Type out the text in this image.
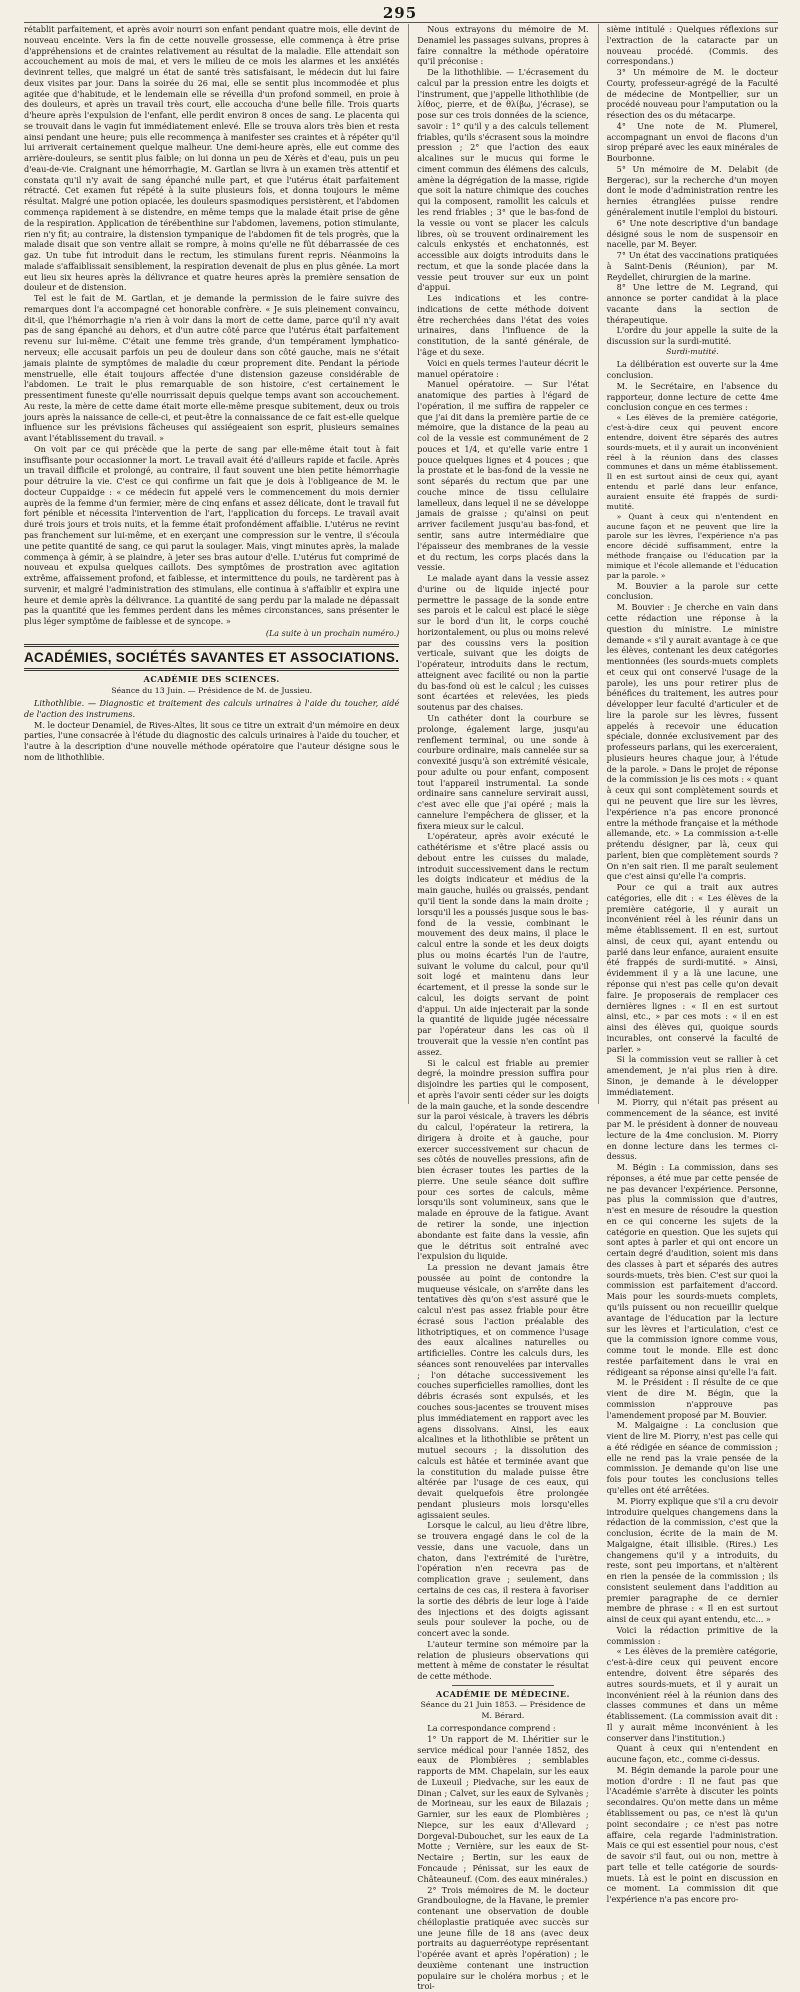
295

rétablit parfaitement, et après avoir nourri son enfant pendant quatre mois, elle devint de nouveau enceinte. Vers la fin de cette nouvelle grossesse, elle commença à être prise d'appréhensions et de craintes relativement au résultat de la maladie. Elle attendait son accouchement au mois de mai, et vers le milieu de ce mois les alarmes et les anxiétés devinrent telles, que malgré un état de santé très satisfaisant, le médecin dut lui faire deux visites par jour. Dans la soirée du 26 mai, elle se sentit plus incommodée et plus agitée que d'habitude, et le lendemain elle se réveilla d'un profond sommeil, en proie à des douleurs, et après un travail très court, elle accoucha d'une belle fille. Trois quarts d'heure après l'expulsion de l'enfant, elle perdit environ 8 onces de sang. Le placenta qui se trouvait dans le vagin fut immédiatement enlevé. Elle se trouva alors très bien et resta ainsi pendant une heure; puis elle recommença à manifester ses craintes et à répéter qu'il lui arriverait certainement quelque malheur. Une demi-heure après, elle eut comme des arrière-douleurs, se sentit plus faible; on lui donna un peu de Xérès et d'eau, puis un peu d'eau-de-vie. Craignant une hémorrhagie, M. Gartlan se livra à un examen très attentif et constata qu'il n'y avait de sang épanché nulle part, et que l'utérus était parfaitement rétracté. Cet examen fut répété à la suite plusieurs fois, et donna toujours le même résultat. Malgré une potion opiacée, les douleurs spasmodiques persistèrent, et l'abdomen commença rapidement à se distendre, en même temps que la malade était prise de gêne de la respiration. Application de térébenthine sur l'abdomen, lavemens, potion stimulante, rien n'y fit; au contraire, la distension tympanique de l'abdomen fit de tels progrès, que la malade disait que son ventre allait se rompre, à moins qu'elle ne fût débarrassée de ces gaz. Un tube fut introduit dans le rectum, les stimulans furent repris. Néanmoins la malade s'affaiblissait sensiblement, la respiration devenait de plus en plus gênée. La mort eut lieu six heures après la délivrance et quatre heures après la première sensation de douleur et de distension.

Tel est le fait de M. Gartlan, et je demande la permission de le faire suivre des remarques dont l'a accompagné cet honorable confrère. « Je suis pleinement convaincu, dit-il, que l'hémorrhagie n'a rien à voir dans la mort de cette dame, parce qu'il n'y avait pas de sang épanché au dehors, et d'un autre côté parce que l'utérus était parfaitement revenu sur lui-même. C'était une femme très grande, d'un tempérament lymphatico-nerveux; elle accusait parfois un peu de douleur dans son côté gauche, mais ne s'était jamais plainte de symptômes de maladie du cœur proprement dite. Pendant la période menstruelle, elle était toujours affectée d'une distension gazeuse considérable de l'abdomen. Le trait le plus remarquable de son histoire, c'est certainement le pressentiment funeste qu'elle nourrissait depuis quelque temps avant son accouchement. Au reste, la mère de cette dame était morte elle-même presque subitement, deux ou trois jours après la naissance de celle-ci, et peut-être la connaissance de ce fait est-elle quelque influence sur les prévisions fâcheuses qui assiégeaient son esprit, plusieurs semaines avant l'établissement du travail. »

On voit par ce qui précède que la perte de sang par elle-même était tout à fait insuffisante pour occasionner la mort. Le travail avait été d'ailleurs rapide et facile. Après un travail difficile et prolongé, au contraire, il faut souvent une bien petite hémorrhagie pour détruire la vie. C'est ce qui confirme un fait que je dois à l'obligeance de M. le docteur Cuppaidge : « ce médecin fut appelé vers le commencement du mois dernier auprès de la femme d'un fermier, mère de cinq enfans et assez délicate, dont le travail fut fort pénible et nécessita l'intervention de l'art, l'application du forceps. Le travail avait duré trois jours et trois nuits, et la femme était profondément affaiblie. L'utérus ne revint pas franchement sur lui-même, et en exerçant une compression sur le ventre, il s'écoula une petite quantité de sang, ce qui parut la soulager. Mais, vingt minutes après, la malade commença à gémir, à se plaindre, à jeter ses bras autour d'elle. L'utérus fut comprimé de nouveau et expulsa quelques caillots. Des symptômes de prostration avec agitation extrême, affaissement profond, et faiblesse, et intermittence du pouls, ne tardèrent pas à survenir, et malgré l'administration des stimulans, elle continua à s'affaiblir et expira une heure et demie après la délivrance. La quantité de sang perdu par la malade ne dépassait pas la quantité que les femmes perdent dans les mêmes circonstances, sans présenter le plus léger symptôme de faiblesse et de syncope. »

(La suite à un prochain numéro.)
ACADÉMIES, SOCIÉTÉS SAVANTES ET ASSOCIATIONS.
ACADÉMIE DES SCIENCES.
Séance du 13 Juin. — Présidence de M. de Jussieu.

Lithothlibie. — Diagnostic et traitement des calculs urinaires à l'aide du toucher, aidé de l'action des instrumens.

M. le docteur Denamiel, de Rives-Altes, lit sous ce titre un extrait d'un mémoire en deux parties, l'une consacrée à l'étude du diagnostic des calculs urinaires à l'aide du toucher, et l'autre à la description d'une nouvelle méthode opératoire que l'auteur désigne sous le nom de lithothlibie.

Nous extrayons du mémoire de M. Denamiel les passages suivans, propres à faire connaître la méthode opératoire qu'il préconise :

De la lithothlibie. — L'écrasement du calcul par la pression entre les doigts et l'instrument, que j'appelle lithothlibie (de λίθος, pierre, et de θλίβω, j'écrase), se pose sur ces trois données de la science, savoir : 1° qu'il y a des calculs tellement friables, qu'ils s'écrasent sous la moindre pression ; 2° que l'action des eaux alcalines sur le mucus qui forme le ciment commun des élémens des calculs, amène la dégrégation de la masse, rigide que soit la nature chimique des couches qui la composent, ramollit les calculs et les rend friables ; 3° que le bas-fond de la vessie ou vont se placer les calculs libres, où se trouvent ordinairement les calculs enkystés et enchatonnés, est accessible aux doigts introduits dans le rectum, et que la sonde placée dans la vessie peut trouver sur eux un point d'appui.

Les indications et les contre-indications de cette méthode doivent être recherchées dans l'état des voies urinaires, dans l'influence de la constitution, de la santé générale, de l'âge et du sexe.

Voici en quels termes l'auteur décrit le manuel opératoire :

Manuel opératoire. — Sur l'état anatomique des parties à l'égard de l'opération, il me suffira de rappeler ce que j'ai dit dans la première partie de ce mémoire, que la distance de la peau au col de la vessie est communément de 2 pouces et 1/4, et qu'elle varie entre 1 pouce quelques lignes et 4 pouces ; que la prostate et le bas-fond de la vessie ne sont séparés du rectum que par une couche mince de tissu cellulaire lamelleux, dans lequel il ne se développe jamais de graisse ; qu'ainsi on peut arriver facilement jusqu'au bas-fond, et sentir, sans autre intermédiaire que l'épaisseur des membranes de la vessie et du rectum, les corps placés dans la vessie.

Le malade ayant dans la vessie assez d'urine ou de liquide injecté pour permettre le passage de la sonde entre ses parois et le calcul est placé le siège sur le bord d'un lit, le corps couché horizontalement, ou plus ou moins relevé par des coussins vers la position verticale, suivant que les doigts de l'opérateur, introduits dans le rectum, atteignent avec facilité ou non la partie du bas-fond où est le calcul ; les cuisses sont écartées et relevées, les pieds soutenus par des chaises.

Un cathéter dont la courbure se prolonge, également large, jusqu'au renflement terminal, ou une sonde à courbure ordinaire, mais cannelée sur sa convexité jusqu'à son extrémité vésicale, pour adulte ou pour enfant, composent tout l'appareil instrumental. La sonde ordinaire sans cannelure servirait aussi, c'est avec elle que j'ai opéré ; mais la cannelure l'empêchera de glisser, et la fixera mieux sur le calcul.

L'opérateur, après avoir exécuté le cathétérisme et s'être placé assis ou debout entre les cuisses du malade, introduit successivement dans le rectum les doigts indicateur et médius de la main gauche, huilés ou graissés, pendant qu'il tient la sonde dans la main droite ; lorsqu'il les a poussés jusque sous le bas-fond de la vessie, combinant le mouvement des deux mains, il place le calcul entre la sonde et les deux doigts plus ou moins écartés l'un de l'autre, suivant le volume du calcul, pour qu'il soit logé et maintenu dans leur écartement, et il presse la sonde sur le calcul, les doigts servant de point d'appui. Un aide injecterait par la sonde la quantité de liquide jugée nécessaire par l'opérateur dans les cas où il trouverait que la vessie n'en contînt pas assez.

Si le calcul est friable au premier degré, la moindre pression suffira pour disjoindre les parties qui le composent, et après l'avoir senti céder sur les doigts de la main gauche, et la sonde descendre sur la paroi vésicale, à travers les débris du calcul, l'opérateur la retirera, la dirigera à droite et à gauche, pour exercer successivement sur chacun de ses côtés de nouvelles pressions, afin de bien écraser toutes les parties de la pierre. Une seule séance doit suffire pour ces sortes de calculs, même lorsqu'ils sont volumineux, sans que le malade en éprouve de la fatigue. Avant de retirer la sonde, une injection abondante est faite dans la vessie, afin que le détritus soit entraîné avec l'expulsion du liquide.

La pression ne devant jamais être poussée au point de contondre la muqueuse vésicale, on s'arrête dans les tentatives dès qu'on s'est assuré que le calcul n'est pas assez friable pour être écrasé sous l'action préalable des lithotriptiques, et on commence l'usage des eaux alcalines naturelles ou artificielles. Contre les calculs durs, les séances sont renouvelées par intervalles ; l'on détache successivement les couches superficielles ramollies, dont les débris écrasés sont expulsés, et les couches sous-jacentes se trouvent mises plus immédiatement en rapport avec les agens dissolvans. Ainsi, les eaux alcalines et la lithothlibie se prêtent un mutuel secours ; la dissolution des calculs est hâtée et terminée avant que la constitution du malade puisse être altérée par l'usage de ces eaux, qui devait quelquefois être prolongée pendant plusieurs mois lorsqu'elles agissaient seules.

Lorsque le calcul, au lieu d'être libre, se trouvera engagé dans le col de la vessie, dans une vacuole, dans un chaton, dans l'extrémité de l'urètre, l'opération n'en recevra pas de complication grave ; seulement, dans certains de ces cas, il restera à favoriser la sortie des débris de leur loge à l'aide des injections et des doigts agissant seuls pour soulever la poche, ou de concert avec la sonde.

L'auteur termine son mémoire par la relation de plusieurs observations qui mettent à même de constater le résultat de cette méthode.

ACADÉMIE DE MÉDECINE.
Séance du 21 Juin 1853. — Présidence de M. Bérard.

La correspondance comprend :

1° Un rapport de M. Lhéritier sur le service médical pour l'année 1852, des eaux de Plombières ; semblables rapports de MM. Chapelain, sur les eaux de Luxeuil ; Piedvache, sur les eaux de Dinan ; Calvet, sur les eaux de Sylvanès ; de Morineau, sur les eaux de Bilazais ; Garnier, sur les eaux de Plombières ; Niepce, sur les eaux d'Allevard ; Dorgeval-Dubouchet, sur les eaux de La Motte ; Vernière, sur les eaux de St-Nectaire ; Bertin, sur les eaux de Foncaude ; Pénissat, sur les eaux de Châteauneuf. (Com. des eaux minérales.)

2° Trois mémoires de M. le docteur Grandboulogne, de la Havane, le premier contenant une observation de double chéiloplastie pratiquée avec succès sur une jeune fille de 18 ans (avec deux portraits au daguerréotype représentant l'opérée avant et après l'opération) ; le deuxième contenant une instruction populaire sur le choléra morbus ; et le troi-

sième intitulé : Quelques réflexions sur l'extraction de la cataracte par un nouveau procédé. (Commis. des correspondans.)

3° Un mémoire de M. le docteur Courty, professeur-agrégé de la Faculté de médecine de Montpellier, sur un procédé nouveau pour l'amputation ou la résection des os du métacarpe.

4° Une note de M. Plumerel, accompagnant un envoi de flacons d'un sirop préparé avec les eaux minérales de Bourbonne.

5° Un mémoire de M. Delabit (de Bergerac), sur la recherche d'un moyen dont le mode d'administration rentre les hernies étranglées puisse rendre généralement inutile l'emploi du bistouri.

6° Une note descriptive d'un bandage désigné sous le nom de suspensoir en nacelle, par M. Beyer.

7° Un état des vaccinations pratiquées à Saint-Denis (Réunion), par M. Reydellet, chirurgien de la marine.

8° Une lettre de M. Legrand, qui annonce se porter candidat à la place vacante dans la section de thérapeutique.

L'ordre du jour appelle la suite de la discussion sur la surdi-mutité.

Surdi-mutité.

La délibération est ouverte sur la 4me conclusion.

M. le Secrétaire, en l'absence du rapporteur, donne lecture de cette 4me conclusion conçue en ces termes :

« Les élèves de la première catégorie, c'est-à-dire ceux qui peuvent encore entendre, doivent être séparés des autres sourds-muets, et il y aurait un inconvénient réel à la réunion dans des classes communes et dans un même établissement. Il en est surtout ainsi de ceux qui, ayant entendu et parlé dans leur enfance, auraient ensuite été frappés de surdi-mutité.

» Quant à ceux qui n'entendent en aucune façon et ne peuvent que lire la parole sur les lèvres, l'expérience n'a pas encore décidé suffisamment, entre la méthode française ou l'éducation par la mimique et l'école allemande et l'éducation par la parole. »

M. Bouvier a la parole sur cette conclusion.

M. Bouvier : Je cherche en vain dans cette rédaction une réponse à la question du ministre. Le ministre demande « s'il y aurait avantage à ce que les élèves, contenant les deux catégories mentionnées (les sourds-muets complets et ceux qui ont conservé l'usage de la parole), les uns pour retirer plus de bénéfices du traitement, les autres pour développer leur faculté d'articuler et de lire la parole sur les lèvres, fussent appelés à recevoir une éducation spéciale, donnée exclusivement par des professeurs parlans, qui les exerceraient, plusieurs heures chaque jour, à l'étude de la parole. » Dans le projet de réponse de la commission je lis ces mots : « quant à ceux qui sont complètement sourds et qui ne peuvent que lire sur les lèvres, l'expérience n'a pas encore prononcé entre la méthode française et la méthode allemande, etc. » La commission a-t-elle prétendu désigner, par là, ceux qui parlent, bien que complètement sourds ? On n'en sait rien. Il me paraît seulement que c'est ainsi qu'elle l'a compris.

Pour ce qui a trait aux autres catégories, elle dit : « Les élèves de la première catégorie, il y aurait un inconvénient réel à les réunir dans un même établissement. Il en est, surtout ainsi, de ceux qui, ayant entendu ou parlé dans leur enfance, auraient ensuite été frappés de surdi-mutité. » Ainsi, évidemment il y a là une lacune, une réponse qui n'est pas celle qu'on devait faire. Je proposerais de remplacer ces dernières lignes : « Il en est surtout ainsi, etc., » par ces mots : « il en est ainsi des élèves qui, quoique sourds incurables, ont conservé la faculté de parler. »

Si la commission veut se rallier à cet amendement, je n'ai plus rien à dire. Sinon, je demande à le développer immédiatement.

M. Piorry, qui n'était pas présent au commencement de la séance, est invité par M. le président à donner de nouveau lecture de la 4me conclusion. M. Piorry en donne lecture dans les termes ci-dessus.

M. Bégin : La commission, dans ses réponses, a été mue par cette pensée de ne pas devancer l'expérience. Personne, pas plus la commission que d'autres, n'est en mesure de résoudre la question en ce qui concerne les sujets de la catégorie en question. Que les sujets qui sont aptes à parler et qui ont encore un certain degré d'audition, soient mis dans des classes à part et séparés des autres sourds-muets, très bien. C'est sur quoi la commission est parfaitement d'accord. Mais pour les sourds-muets complets, qu'ils puissent ou non recueillir quelque avantage de l'éducation par la lecture sur les lèvres et l'articulation, c'est ce que la commission ignore comme vous, comme tout le monde. Elle est donc restée parfaitement dans le vrai en rédigeant sa réponse ainsi qu'elle l'a fait.

M. le Président : Il résulte de ce que vient de dire M. Bégin, que la commission n'approuve pas l'amendement proposé par M. Bouvier.

M. Malgaigne : La conclusion que vient de lire M. Piorry, n'est pas celle qui a été rédigée en séance de commission ; elle ne rend pas la vraie pensée de la commission. Je demande qu'on lise une fois pour toutes les conclusions telles qu'elles ont été arrêtées.

M. Piorry explique que s'il a cru devoir introduire quelques changemens dans la rédaction de la commission, c'est que la conclusion, écrite de la main de M. Malgaigne, était illisible. (Rires.) Les changemens qu'il y a introduits, du reste, sont peu importans, et n'altèrent en rien la pensée de la commission ; ils consistent seulement dans l'addition au premier paragraphe de ce dernier membre de phrase : « Il en est surtout ainsi de ceux qui ayant entendu, etc... »

Voici la rédaction primitive de la commission :

« Les élèves de la première catégorie, c'est-à-dire ceux qui peuvent encore entendre, doivent être séparés des autres sourds-muets, et il y aurait un inconvénient réel à la réunion dans des classes communes et dans un même établissement. (La commission avait dit : Il y aurait même inconvénient à les conserver dans l'institution.)

Quant à ceux qui n'entendent en aucune façon, etc., comme ci-dessus.

M. Bégin demande la parole pour une motion d'ordre : Il ne faut pas que l'Académie s'arrête à discuter les points secondaires. Qu'on mette dans un même établissement ou pas, ce n'est là qu'un point secondaire ; ce n'est pas notre affaire, cela regarde l'administration. Mais ce qui est essentiel pour nous, c'est de savoir s'il faut, oui ou non, mettre à part telle et telle catégorie de sourds-muets. Là est le point en discussion en ce moment. La commission dit que l'expérience n'a pas encore pro-
